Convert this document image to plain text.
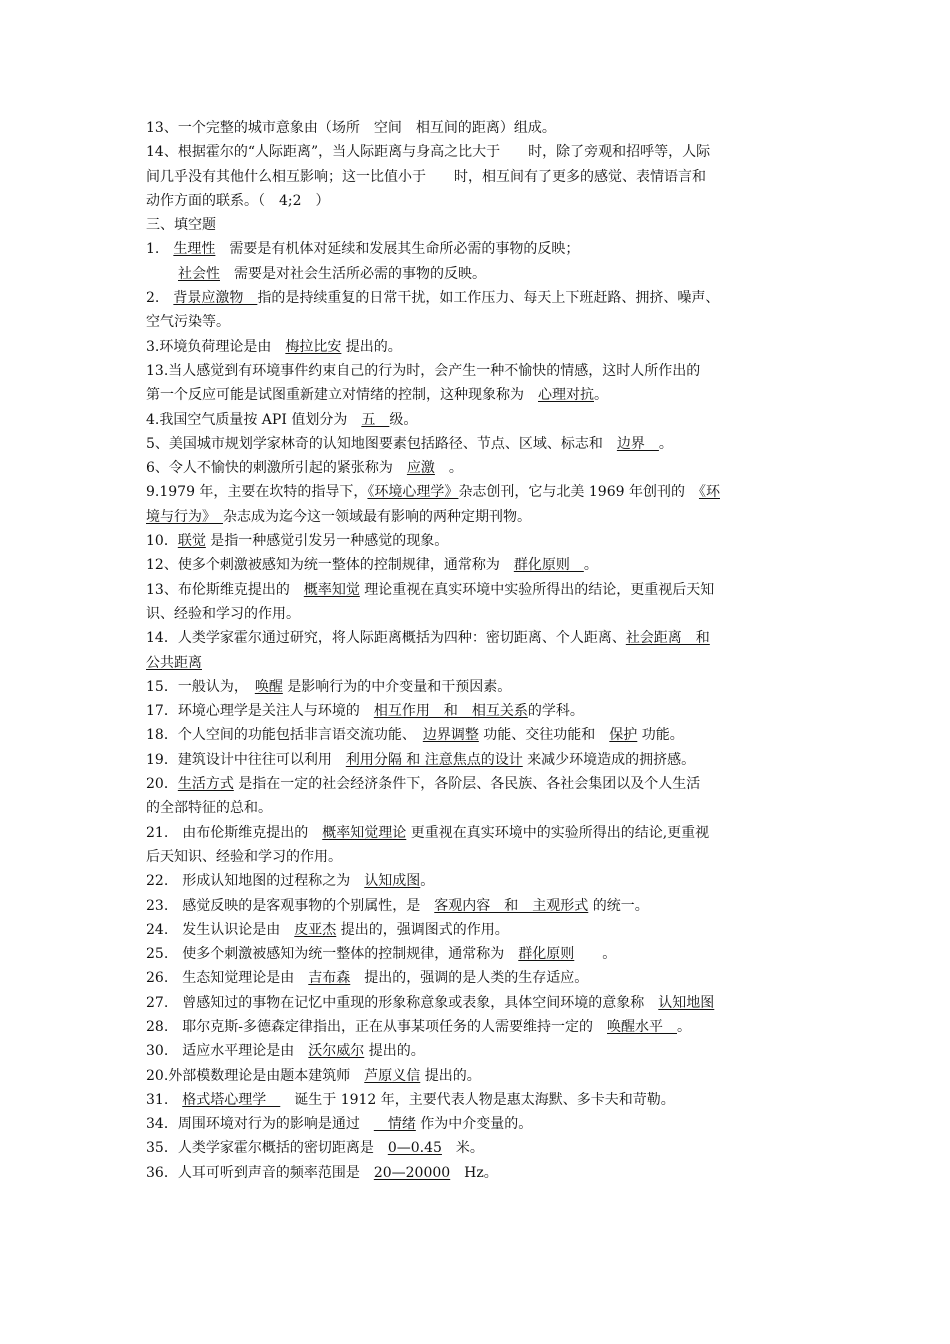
13、一个完整的城市意象由（场所　空间　相互间的距离）组成。
14、根据霍尔的“人际距离”，当人际距离与身高之比大于　　时，除了旁观和招呼等，人际
间几乎没有其他什么相互影响；这一比值小于　　时，相互间有了更多的感觉、表情语言和
动作方面的联系。（　4;2　）
三、填空题
1.　生理性　需要是有机体对延续和发展其生命所必需的事物的反映；
社会性　需要是对社会生活所必需的事物的反映。
2.　背景应激物　指的是持续重复的日常干扰，如工作压力、每天上下班赶路、拥挤、噪声、
空气污染等。
3.环境负荷理论是由　梅拉比安 提出的。
13.当人感觉到有环境事件约束自己的行为时，会产生一种不愉快的情感，这时人所作出的
第一个反应可能是试图重新建立对情绪的控制，这种现象称为　心理对抗。
4.我国空气质量按 API 值划分为　五　级。
5、美国城市规划学家林奇的认知地图要素包括路径、节点、区域、标志和　边界　。
6、令人不愉快的刺激所引起的紧张称为　应激　。
9.1979 年，主要在坎特的指导下，《环境心理学》杂志创刊，它与北美 1969 年创刊的　《环
境与行为》　杂志成为迄今这一领域最有影响的两种定期刊物。
10．联觉 是指一种感觉引发另一种感觉的现象。
12、使多个刺激被感知为统一整体的控制规律，通常称为　群化原则　。
13、布伦斯维克提出的　概率知觉 理论重视在真实环境中实验所得出的结论，更重视后天知
识、经验和学习的作用。
14．人类学家霍尔通过研究，将人际距离概括为四种：密切距离、个人距离、社会距离　和
公共距离
15．一般认为，　唤醒 是影响行为的中介变量和干预因素。
17．环境心理学是关注人与环境的　相互作用　和　相互关系的学科。
18．个人空间的功能包括非言语交流功能、　边界调整 功能、交往功能和　保护 功能。
19．建筑设计中往往可以利用　利用分隔 和 注意焦点的设计 来减少环境造成的拥挤感。
20．生活方式 是指在一定的社会经济条件下，各阶层、各民族、各社会集团以及个人生活
的全部特征的总和。
21.　由布伦斯维克提出的　概率知觉理论 更重视在真实环境中的实验所得出的结论,更重视
后天知识、经验和学习的作用。
22.　形成认知地图的过程称之为　认知成图。
23.　感觉反映的是客观事物的个别属性，是　客观内容　和　主观形式 的统一。
24.　发生认识论是由　皮亚杰 提出的，强调图式的作用。
25.　使多个刺激被感知为统一整体的控制规律，通常称为　群化原则　　。
26.　生态知觉理论是由　吉布森　提出的，强调的是人类的生存适应。
27.　曾感知过的事物在记忆中重现的形象称意象或表象，具体空间环境的意象称　认知地图
28.　耶尔克斯-多德森定律指出，正在从事某项任务的人需要维持一定的　唤醒水平　。
30.　适应水平理论是由　沃尔威尔 提出的。
20.外部模数理论是由题本建筑师　芦原义信 提出的。
31.　格式塔心理学　　诞生于 1912 年，主要代表人物是惠太海默、多卡夫和苛勒。
34．周围环境对行为的影响是通过　　情绪 作为中介变量的。
35．人类学家霍尔概括的密切距离是　0—0.45　米。
36．人耳可听到声音的频率范围是　20—20000　Hz。
